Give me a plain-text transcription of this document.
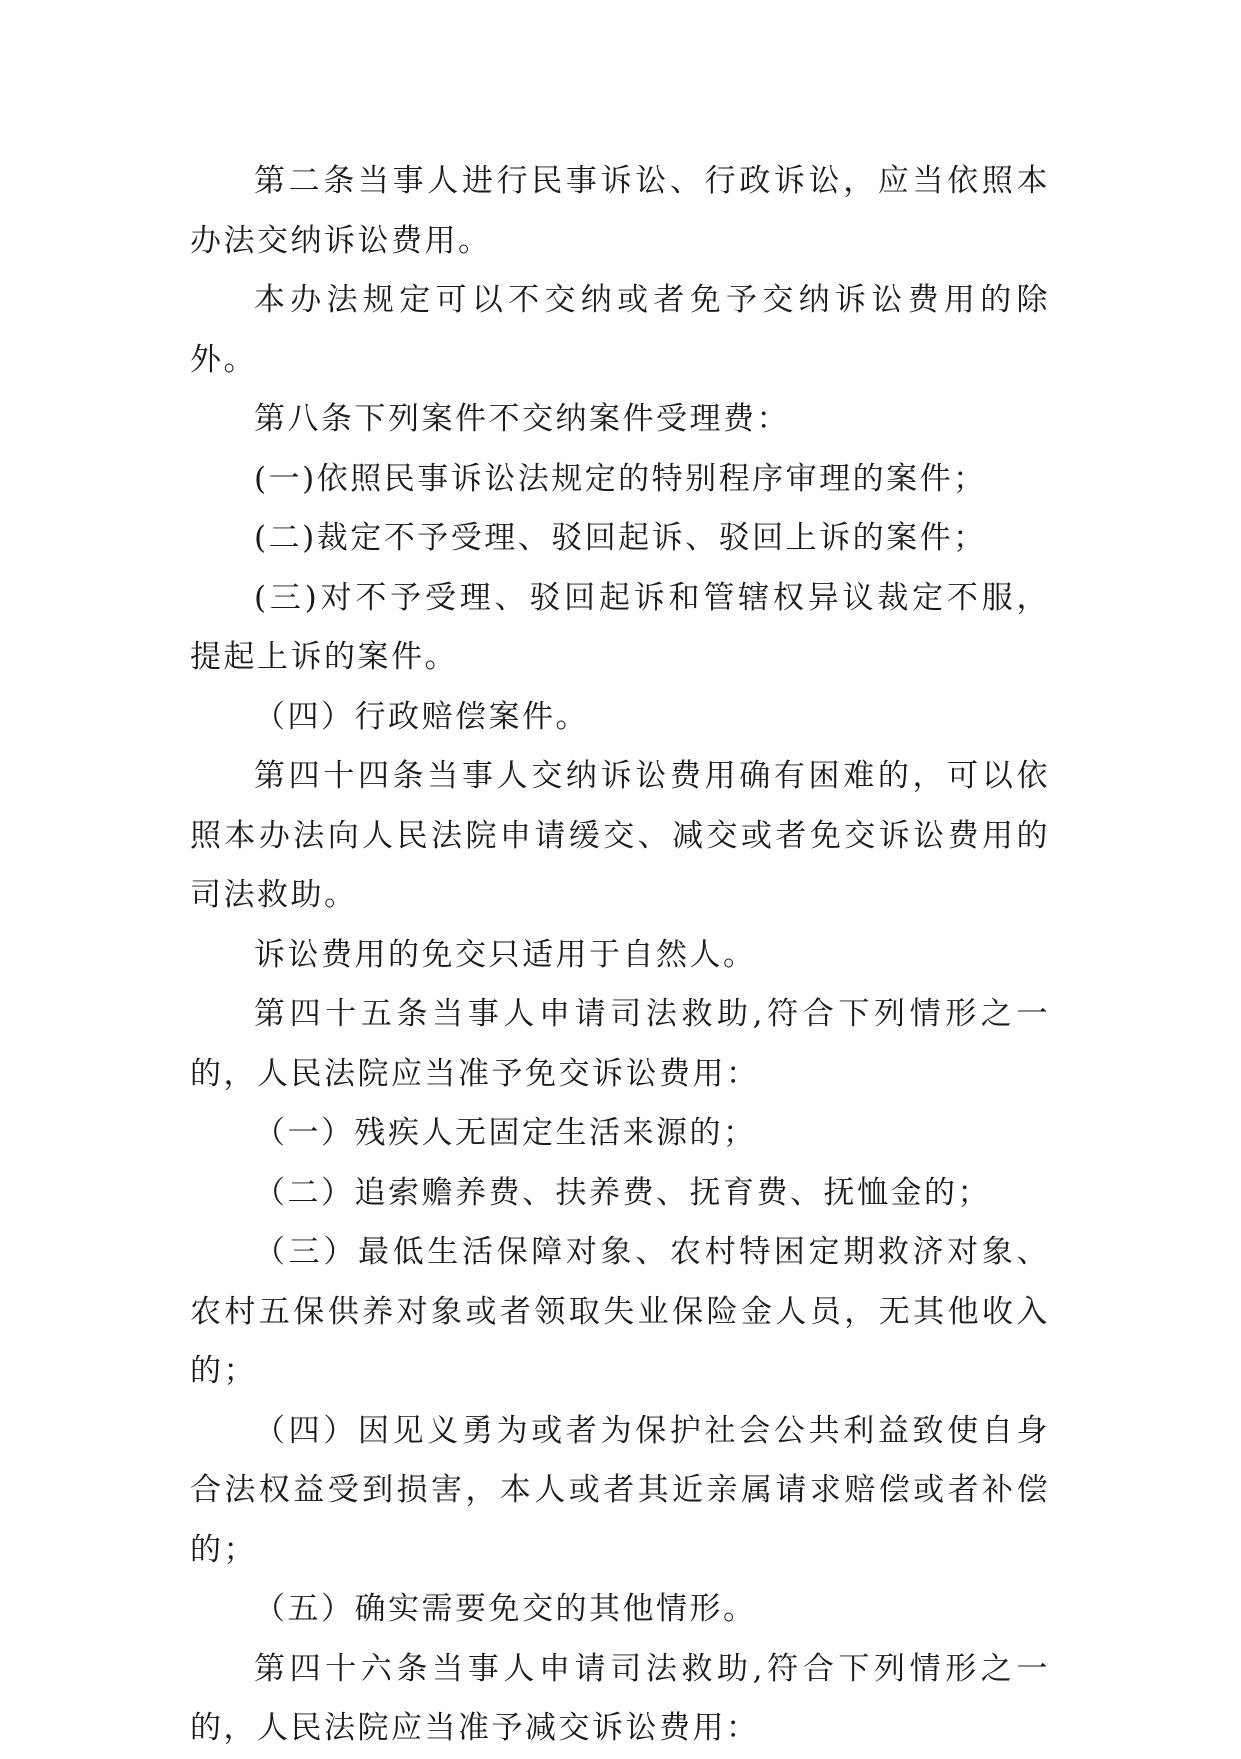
第二条当事人进行民事诉讼、行政诉讼，应当依照本办法交纳诉讼费用。

本办法规定可以不交纳或者免予交纳诉讼费用的除外。

第八条下列案件不交纳案件受理费：

(一)依照民事诉讼法规定的特别程序审理的案件；

(二)裁定不予受理、驳回起诉、驳回上诉的案件；

(三)对不予受理、驳回起诉和管辖权异议裁定不服，提起上诉的案件。

（四）行政赔偿案件。

第四十四条当事人交纳诉讼费用确有困难的，可以依照本办法向人民法院申请缓交、减交或者免交诉讼费用的司法救助。

诉讼费用的免交只适用于自然人。

第四十五条当事人申请司法救助,符合下列情形之一的，人民法院应当准予免交诉讼费用：

（一）残疾人无固定生活来源的；

（二）追索赡养费、扶养费、抚育费、抚恤金的；

（三）最低生活保障对象、农村特困定期救济对象、农村五保供养对象或者领取失业保险金人员，无其他收入的；

（四）因见义勇为或者为保护社会公共利益致使自身合法权益受到损害，本人或者其近亲属请求赔偿或者补偿的；

（五）确实需要免交的其他情形。

第四十六条当事人申请司法救助,符合下列情形之一的，人民法院应当准予减交诉讼费用：
